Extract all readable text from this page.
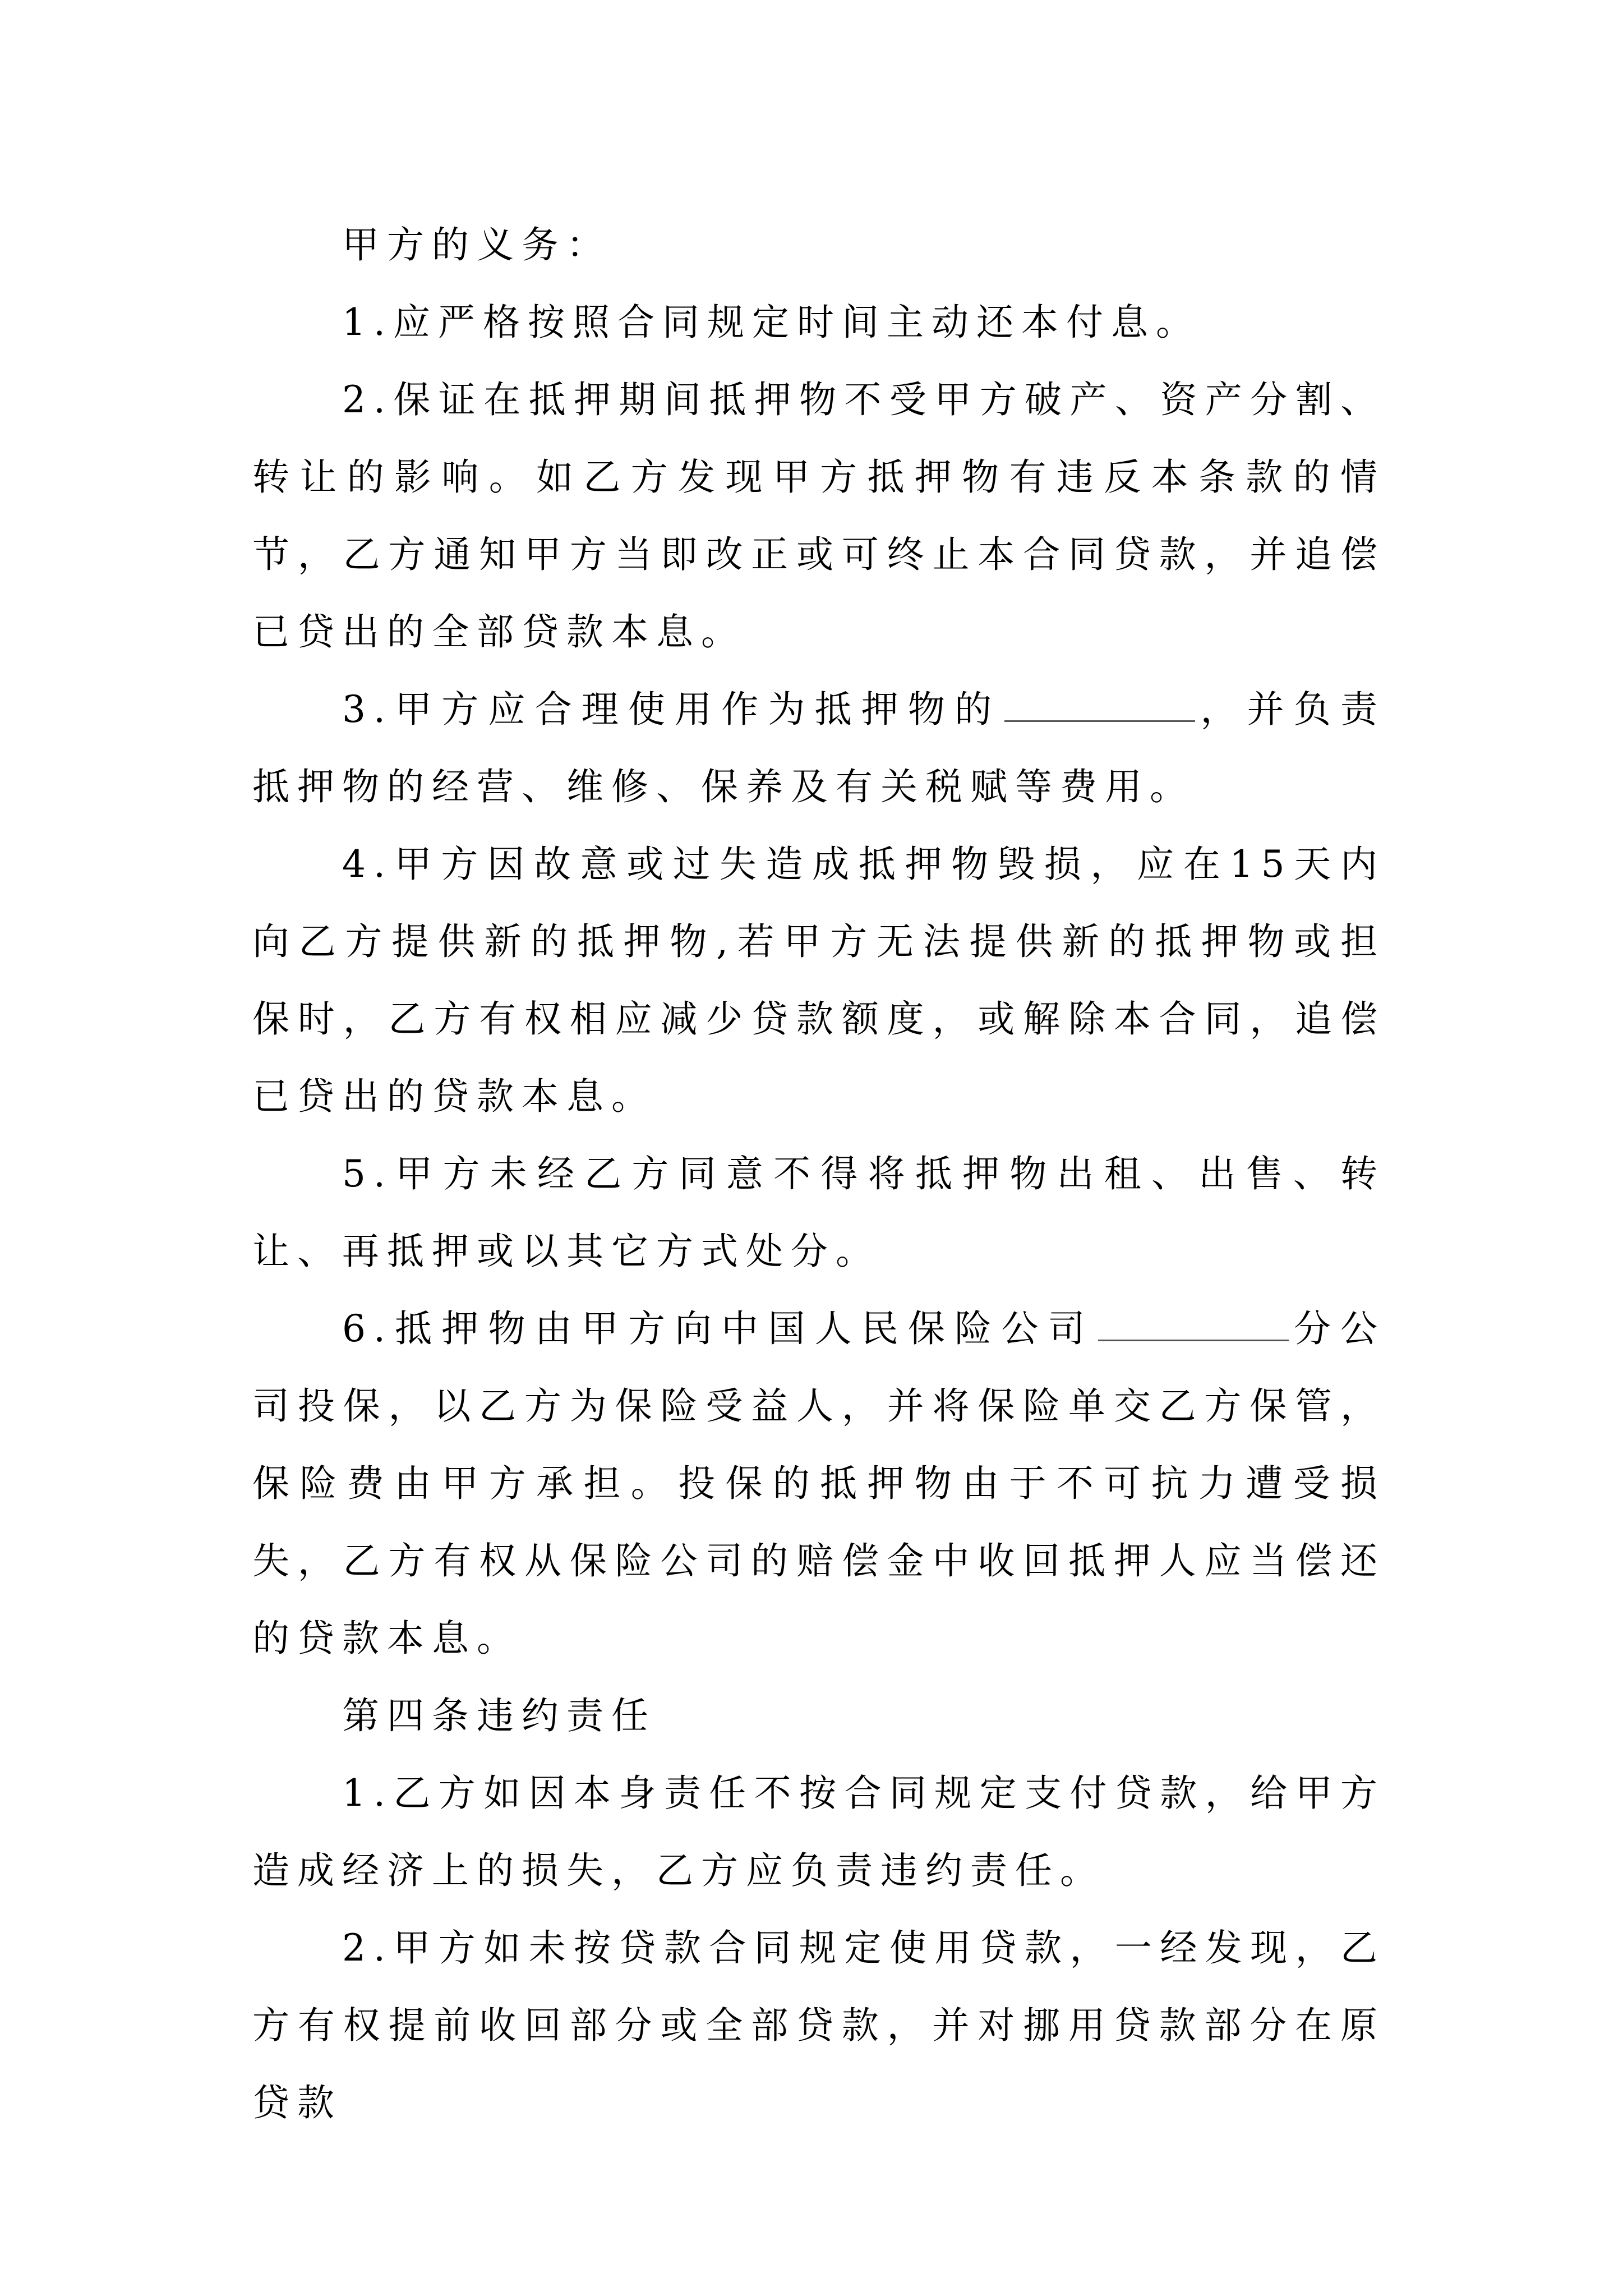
甲方的义务：

1.应严格按照合同规定时间主动还本付息。

2.保证在抵押期间抵押物不受甲方破产、资产分割、转让的影响。如乙方发现甲方抵押物有违反本条款的情节，乙方通知甲方当即改正或可终止本合同贷款，并追偿已贷出的全部贷款本息。

3.甲方应合理使用作为抵押物的	，并负责抵押物的经营、维修、保养及有关税赋等费用。

4.甲方因故意或过失造成抵押物毁损，应在15天内向乙方提供新的抵押物,若甲方无法提供新的抵押物或担保时，乙方有权相应减少贷款额度，或解除本合同，追偿已贷出的贷款本息。

5.甲方未经乙方同意不得将抵押物出租、出售、转让、再抵押或以其它方式处分。

6.抵押物由甲方向中国人民保险公司	分公司投保，以乙方为保险受益人，并将保险单交乙方保管，保险费由甲方承担。投保的抵押物由于不可抗力遭受损失，乙方有权从保险公司的赔偿金中收回抵押人应当偿还的贷款本息。

第四条违约责任

1.乙方如因本身责任不按合同规定支付贷款，给甲方造成经济上的损失，乙方应负责违约责任。

2.甲方如未按贷款合同规定使用贷款，一经发现，乙方有权提前收回部分或全部贷款，并对挪用贷款部分在原贷款
